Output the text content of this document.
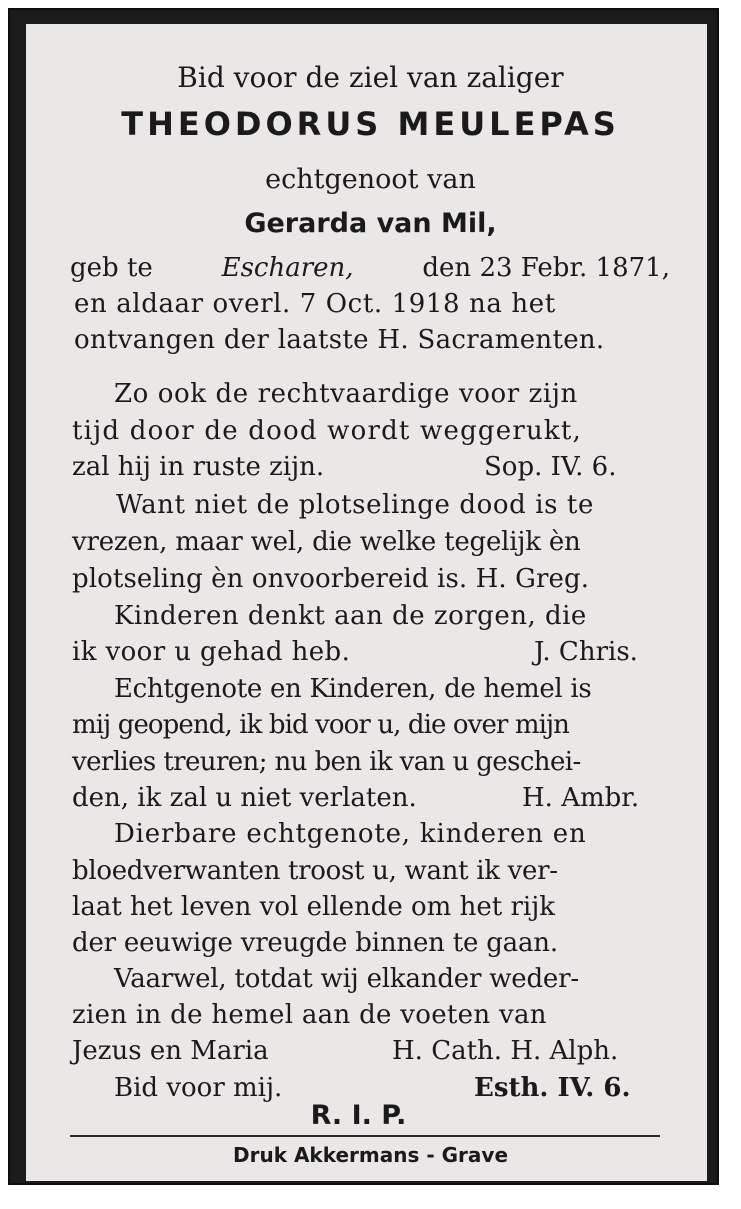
Bid voor de ziel van zaliger
THEODORUS MEULEPAS
echtgenoot van
Gerarda van Mil,
geb te	Escharen,	den 23 Febr. 1871,
en aldaar overl. 7 Oct. 1918 na het
ontvangen der laatste H. Sacramenten.
Zo ook de rechtvaardige voor zijn
tijd door de dood wordt weggerukt,
zal hij in ruste zijn.	Sop. IV. 6.
Want niet de plotselinge dood is te
vrezen, maar wel, die welke tegelijk èn
plotseling èn onvoorbereid is. H. Greg.
Kinderen denkt aan de zorgen, die
ik voor u gehad heb.	J. Chris.
Echtgenote en Kinderen, de hemel is
mij geopend, ik bid voor u, die over mijn
verlies treuren; nu ben ik van u geschei-
den, ik zal u niet verlaten.	H. Ambr.
Dierbare echtgenote, kinderen en
bloedverwanten troost u, want ik ver-
laat het leven vol ellende om het rijk
der eeuwige vreugde binnen te gaan.
Vaarwel, totdat wij elkander weder-
zien in de hemel aan de voeten van
Jezus en Maria	H. Cath. H. Alph.
Bid voor mij.	Esth. IV. 6.
R. I. P.
Druk Akkermans - Grave
